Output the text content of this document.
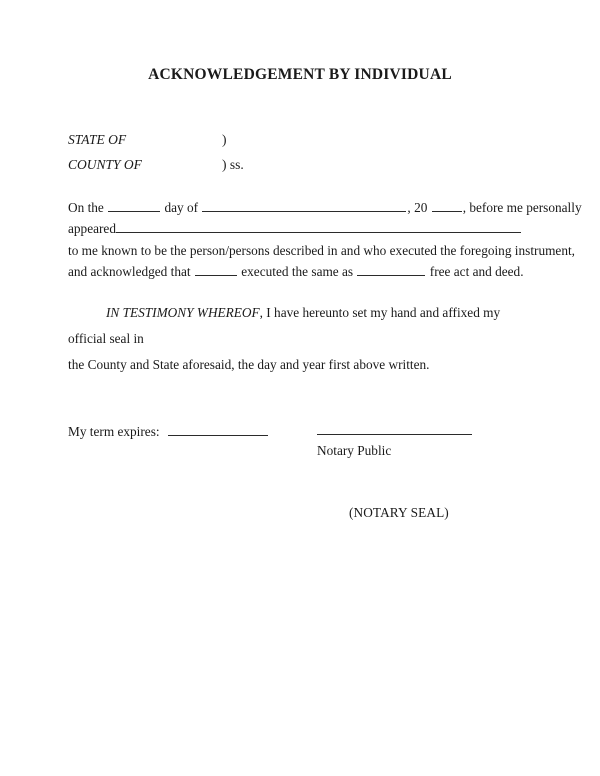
ACKNOWLEDGEMENT BY INDIVIDUAL
STATE OF	)
COUNTY OF	) ss.
On the	day of	, 20	, before me personally
appeared
to me known to be the person/persons described in and who executed the foregoing instrument,
and acknowledged that	executed the same as	free act and deed.
IN TESTIMONY WHEREOF, I have hereunto set my hand and affixed my official seal in
the County and State aforesaid, the day and year first above written.
My term expires:
Notary Public
(NOTARY SEAL)
